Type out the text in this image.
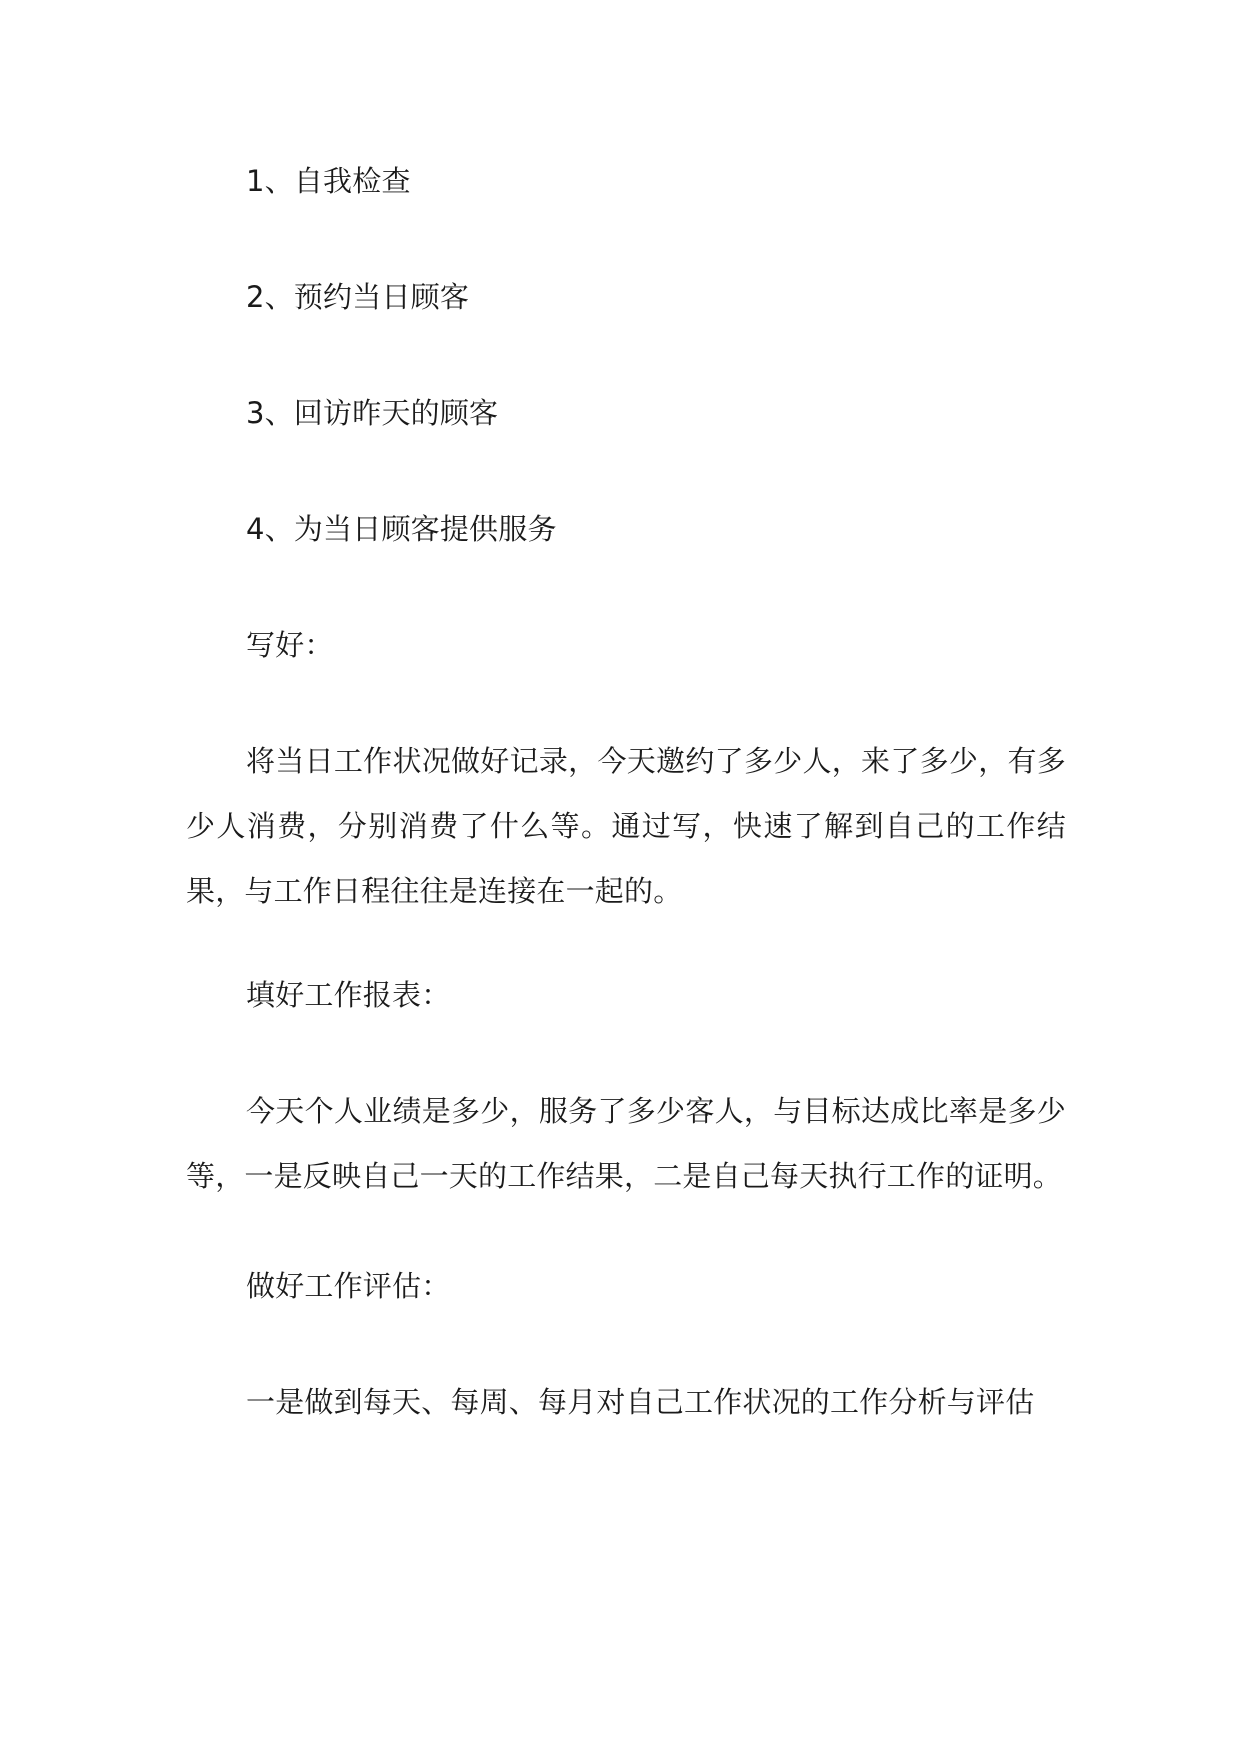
1、自我检查

2、预约当日顾客

3、回访昨天的顾客

4、为当日顾客提供服务

写好：

将当日工作状况做好记录，今天邀约了多少人，来了多少，有多少人消费，分别消费了什么等。通过写，快速了解到自己的工作结果，与工作日程往往是连接在一起的。

填好工作报表：

今天个人业绩是多少，服务了多少客人，与目标达成比率是多少等，一是反映自己一天的工作结果，二是自己每天执行工作的证明。

做好工作评估：

一是做到每天、每周、每月对自己工作状况的工作分析与评估
